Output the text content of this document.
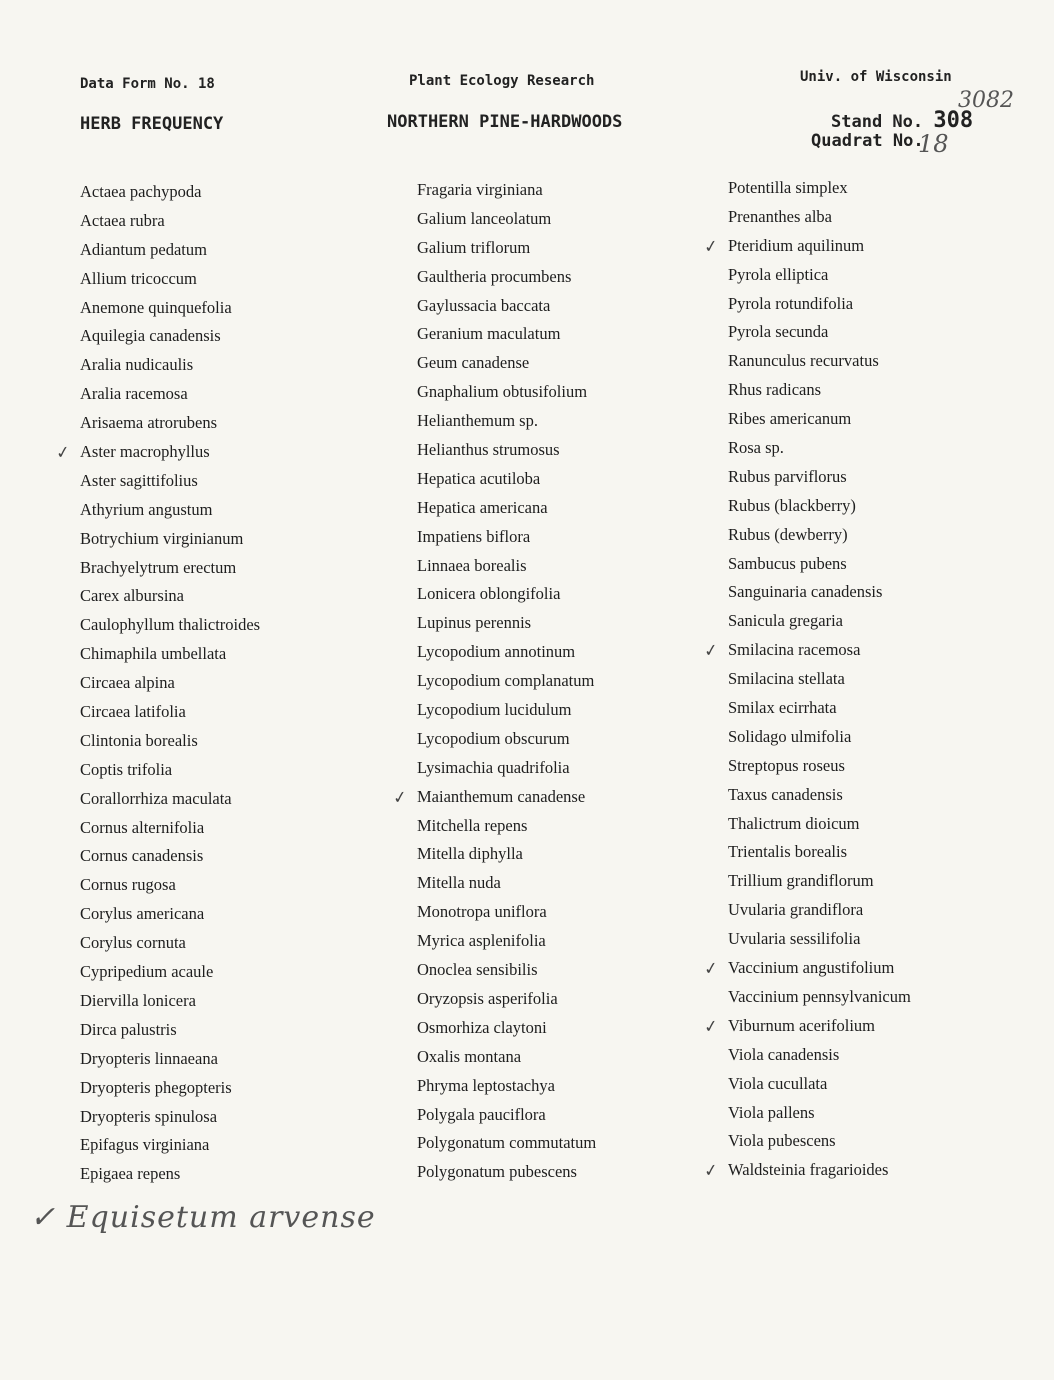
Data Form No. 18	Plant Ecology Research	Univ. of Wisconsin
HERB FREQUENCY	NORTHERN PINE-HARDWOODS	Stand No. 308
3082
Quadrat No.
18
Actaea pachypoda
Actaea rubra
Adiantum pedatum
Allium tricoccum
Anemone quinquefolia
Aquilegia canadensis
Aralia nudicaulis
Aralia racemosa
Arisaema atrorubens
✓ Aster macrophyllus
Aster sagittifolius
Athyrium angustum
Botrychium virginianum
Brachyelytrum erectum
Carex albursina
Caulophyllum thalictroides
Chimaphila umbellata
Circaea alpina
Circaea latifolia
Clintonia borealis
Coptis trifolia
Corallorrhiza maculata
Cornus alternifolia
Cornus canadensis
Cornus rugosa
Corylus americana
Corylus cornuta
Cypripedium acaule
Diervilla lonicera
Dirca palustris
Dryopteris linnaeana
Dryopteris phegopteris
Dryopteris spinulosa
Epifagus virginiana
Epigaea repens
Fragaria virginiana
Galium lanceolatum
Galium triflorum
Gaultheria procumbens
Gaylussacia baccata
Geranium maculatum
Geum canadense
Gnaphalium obtusifolium
Helianthemum sp.
Helianthus strumosus
Hepatica acutiloba
Hepatica americana
Impatiens biflora
Linnaea borealis
Lonicera oblongifolia
Lupinus perennis
Lycopodium annotinum
Lycopodium complanatum
Lycopodium lucidulum
Lycopodium obscurum
Lysimachia quadrifolia
✓ Maianthemum canadense
Mitchella repens
Mitella diphylla
Mitella nuda
Monotropa uniflora
Myrica asplenifolia
Onoclea sensibilis
Oryzopsis asperifolia
Osmorhiza claytoni
Oxalis montana
Phryma leptostachya
Polygala pauciflora
Polygonatum commutatum
Polygonatum pubescens
Potentilla simplex
Prenanthes alba
✓ Pteridium aquilinum
Pyrola elliptica
Pyrola rotundifolia
Pyrola secunda
Ranunculus recurvatus
Rhus radicans
Ribes americanum
Rosa sp.
Rubus parviflorus
Rubus (blackberry)
Rubus (dewberry)
Sambucus pubens
Sanguinaria canadensis
Sanicula gregaria
✓ Smilacina racemosa
Smilacina stellata
Smilax ecirrhata
Solidago ulmifolia
Streptopus roseus
Taxus canadensis
Thalictrum dioicum
Trientalis borealis
Trillium grandiflorum
Uvularia grandiflora
Uvularia sessilifolia
✓ Vaccinium angustifolium
Vaccinium pennsylvanicum
✓ Viburnum acerifolium
Viola canadensis
Viola cucullata
Viola pallens
Viola pubescens
✓ Waldsteinia fragarioides
✓ Equisetum arvense
